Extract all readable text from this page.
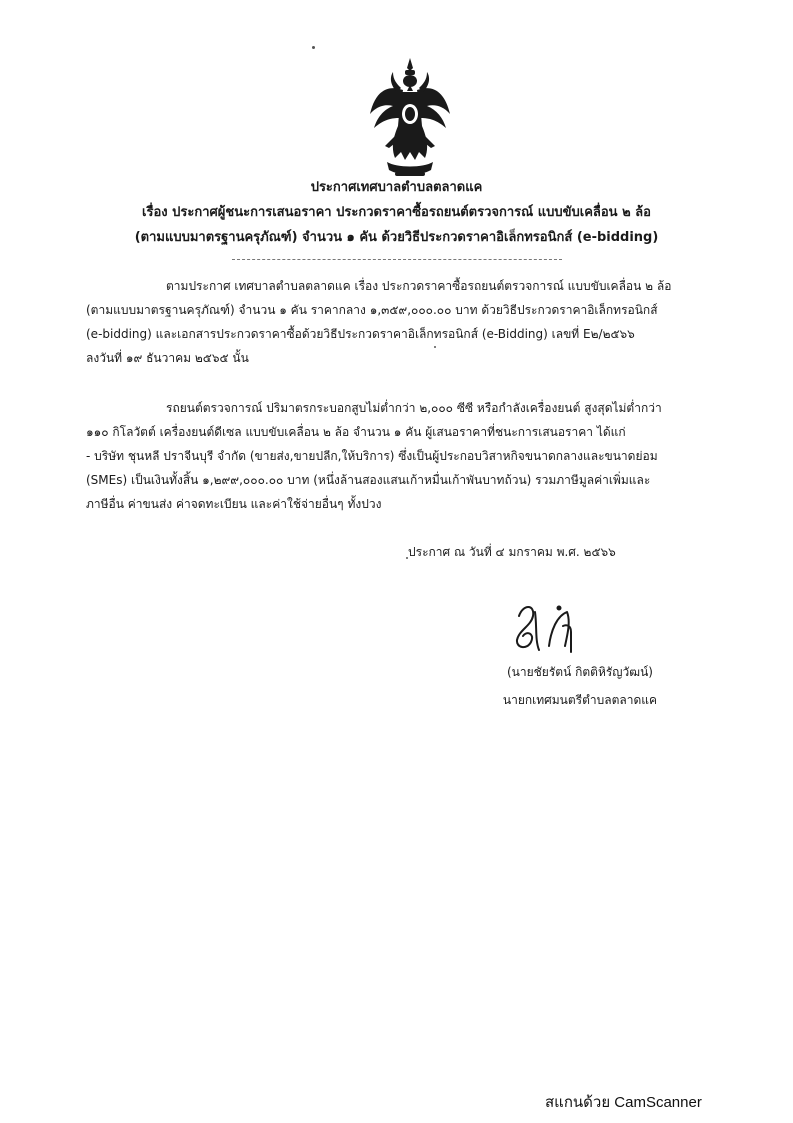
ประกาศเทศบาลตำบลตลาดแค
เรื่อง ประกาศผู้ชนะการเสนอราคา ประกวดราคาซื้อรถยนต์ตรวจการณ์ แบบขับเคลื่อน ๒ ล้อ
(ตามแบบมาตรฐานครุภัณฑ์) จำนวน ๑ คัน ด้วยวิธีประกวดราคาอิเล็กทรอนิกส์ (e-bidding)
ตามประกาศ เทศบาลตำบลตลาดแค เรื่อง ประกวดราคาซื้อรถยนต์ตรวจการณ์ แบบขับเคลื่อน ๒ ล้อ
(ตามแบบมาตรฐานครุภัณฑ์) จำนวน ๑ คัน ราคากลาง ๑,๓๕๙,๐๐๐.๐๐ บาท ด้วยวิธีประกวดราคาอิเล็กทรอนิกส์
(e-bidding) และเอกสารประกวดราคาซื้อด้วยวิธีประกวดราคาอิเล็กทรอนิกส์ (e-Bidding) เลขที่ E๒/๒๕๖๖
ลงวันที่ ๑๙ ธันวาคม ๒๕๖๕ นั้น
รถยนต์ตรวจการณ์ ปริมาตรกระบอกสูบไม่ต่ำกว่า ๒,๐๐๐ ซีซี หรือกำลังเครื่องยนต์ สูงสุดไม่ต่ำกว่า
๑๑๐ กิโลวัตต์ เครื่องยนต์ดีเซล แบบขับเคลื่อน ๒ ล้อ จำนวน ๑ คัน ผู้เสนอราคาที่ชนะการเสนอราคา ได้แก่
- บริษัท ชุนหลี ปราจีนบุรี จำกัด (ขายส่ง,ขายปลีก,ให้บริการ) ซึ่งเป็นผู้ประกอบวิสาหกิจขนาดกลางและขนาดย่อม
(SMEs) เป็นเงินทั้งสิ้น ๑,๒๙๙,๐๐๐.๐๐ บาท (หนึ่งล้านสองแสนเก้าหมื่นเก้าพันบาทถ้วน) รวมภาษีมูลค่าเพิ่มและ
ภาษีอื่น ค่าขนส่ง ค่าจดทะเบียน และค่าใช้จ่ายอื่นๆ ทั้งปวง
ประกาศ ณ วันที่ ๔ มกราคม พ.ศ. ๒๕๖๖
(นายชัยรัตน์ กิตติหิรัญวัฒน์)
นายกเทศมนตรีตำบลตลาดแค
สแกนด้วย CamScanner
